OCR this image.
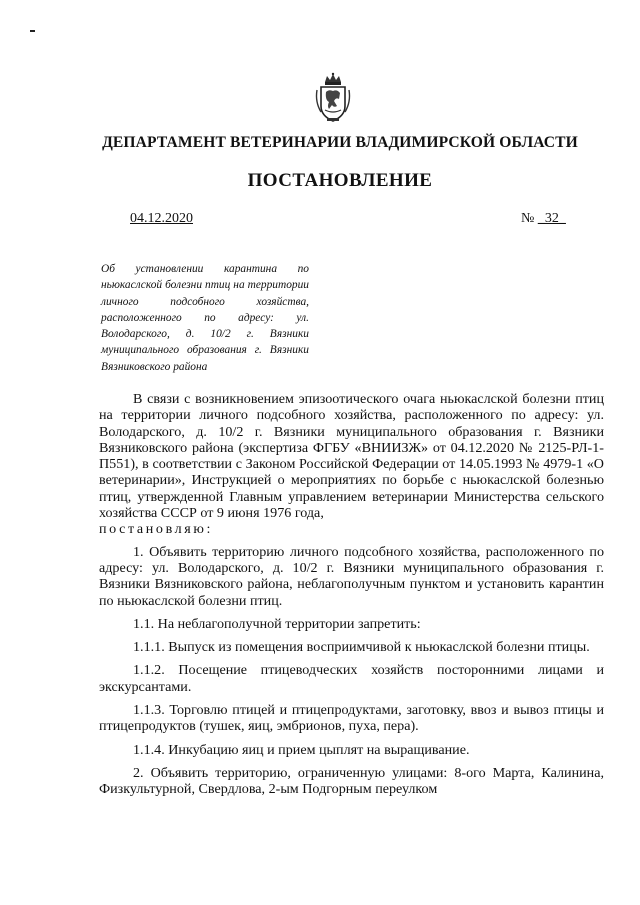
ДЕПАРТАМЕНТ ВЕТЕРИНАРИИ ВЛАДИМИРСКОЙ ОБЛАСТИ
ПОСТАНОВЛЕНИЕ
04.12.2020	№ _32_
Об установлении карантина по ньюкаслской болезни птиц на территории личного подсобного хозяйства, расположенного по адресу: ул. Володарского, д. 10/2 г. Вязники муниципального образования г. Вязники Вязниковского района

В связи с возникновением эпизоотического очага ньюкаслской болезни птиц на территории личного подсобного хозяйства, расположенного по адресу: ул. Володарского, д. 10/2 г. Вязники муниципального образования г. Вязники Вязниковского района (экспертиза ФГБУ «ВНИИЗЖ» от 04.12.2020 № 2125-РЛ-1-П551), в соответствии с Законом Российской Федерации от 14.05.1993 № 4979-1 «О ветеринарии», Инструкцией о мероприятиях по борьбе с ньюкаслской болезнью птиц, утвержденной Главным управлением ветеринарии Министерства сельского хозяйства СССР от 9 июня 1976 года,

постановляю:

1. Объявить территорию личного подсобного хозяйства, расположенного по адресу: ул. Володарского, д. 10/2 г. Вязники муниципального образования г. Вязники Вязниковского района, неблагополучным пунктом и установить карантин по ньюкаслской болезни птиц.

1.1. На неблагополучной территории запретить:

1.1.1. Выпуск из помещения восприимчивой к ньюкаслской болезни птицы.

1.1.2. Посещение птицеводческих хозяйств посторонними лицами и экскурсантами.

1.1.3. Торговлю птицей и птицепродуктами, заготовку, ввоз и вывоз птицы и птицепродуктов (тушек, яиц, эмбрионов, пуха, пера).

1.1.4. Инкубацию яиц и прием цыплят на выращивание.

2. Объявить территорию, ограниченную улицами: 8-ого Марта, Калинина, Физкультурной, Свердлова, 2-ым Подгорным переулком
